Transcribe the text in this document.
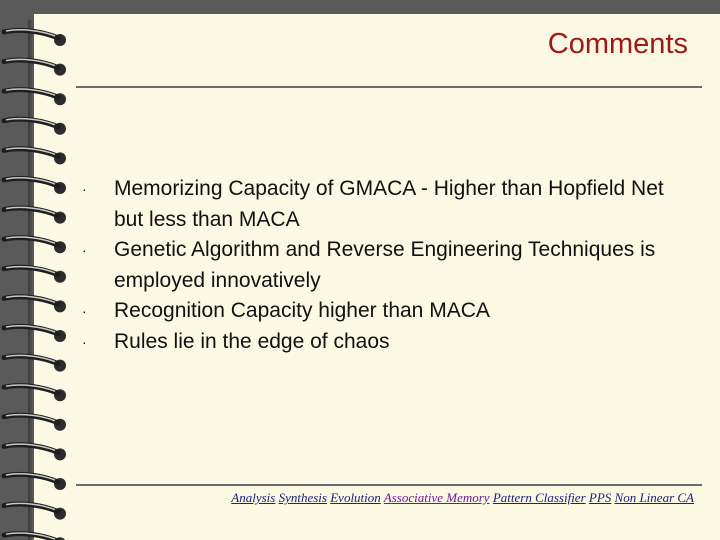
Comments
· Memorizing Capacity of GMACA - Higher than Hopfield Net but less than MACA
· Genetic Algorithm and Reverse Engineering Techniques is employed innovatively
· Recognition Capacity higher than MACA
· Rules lie in the edge of chaos
Analysis Synthesis Evolution Associative Memory Pattern Classifier PPS Non Linear CA
